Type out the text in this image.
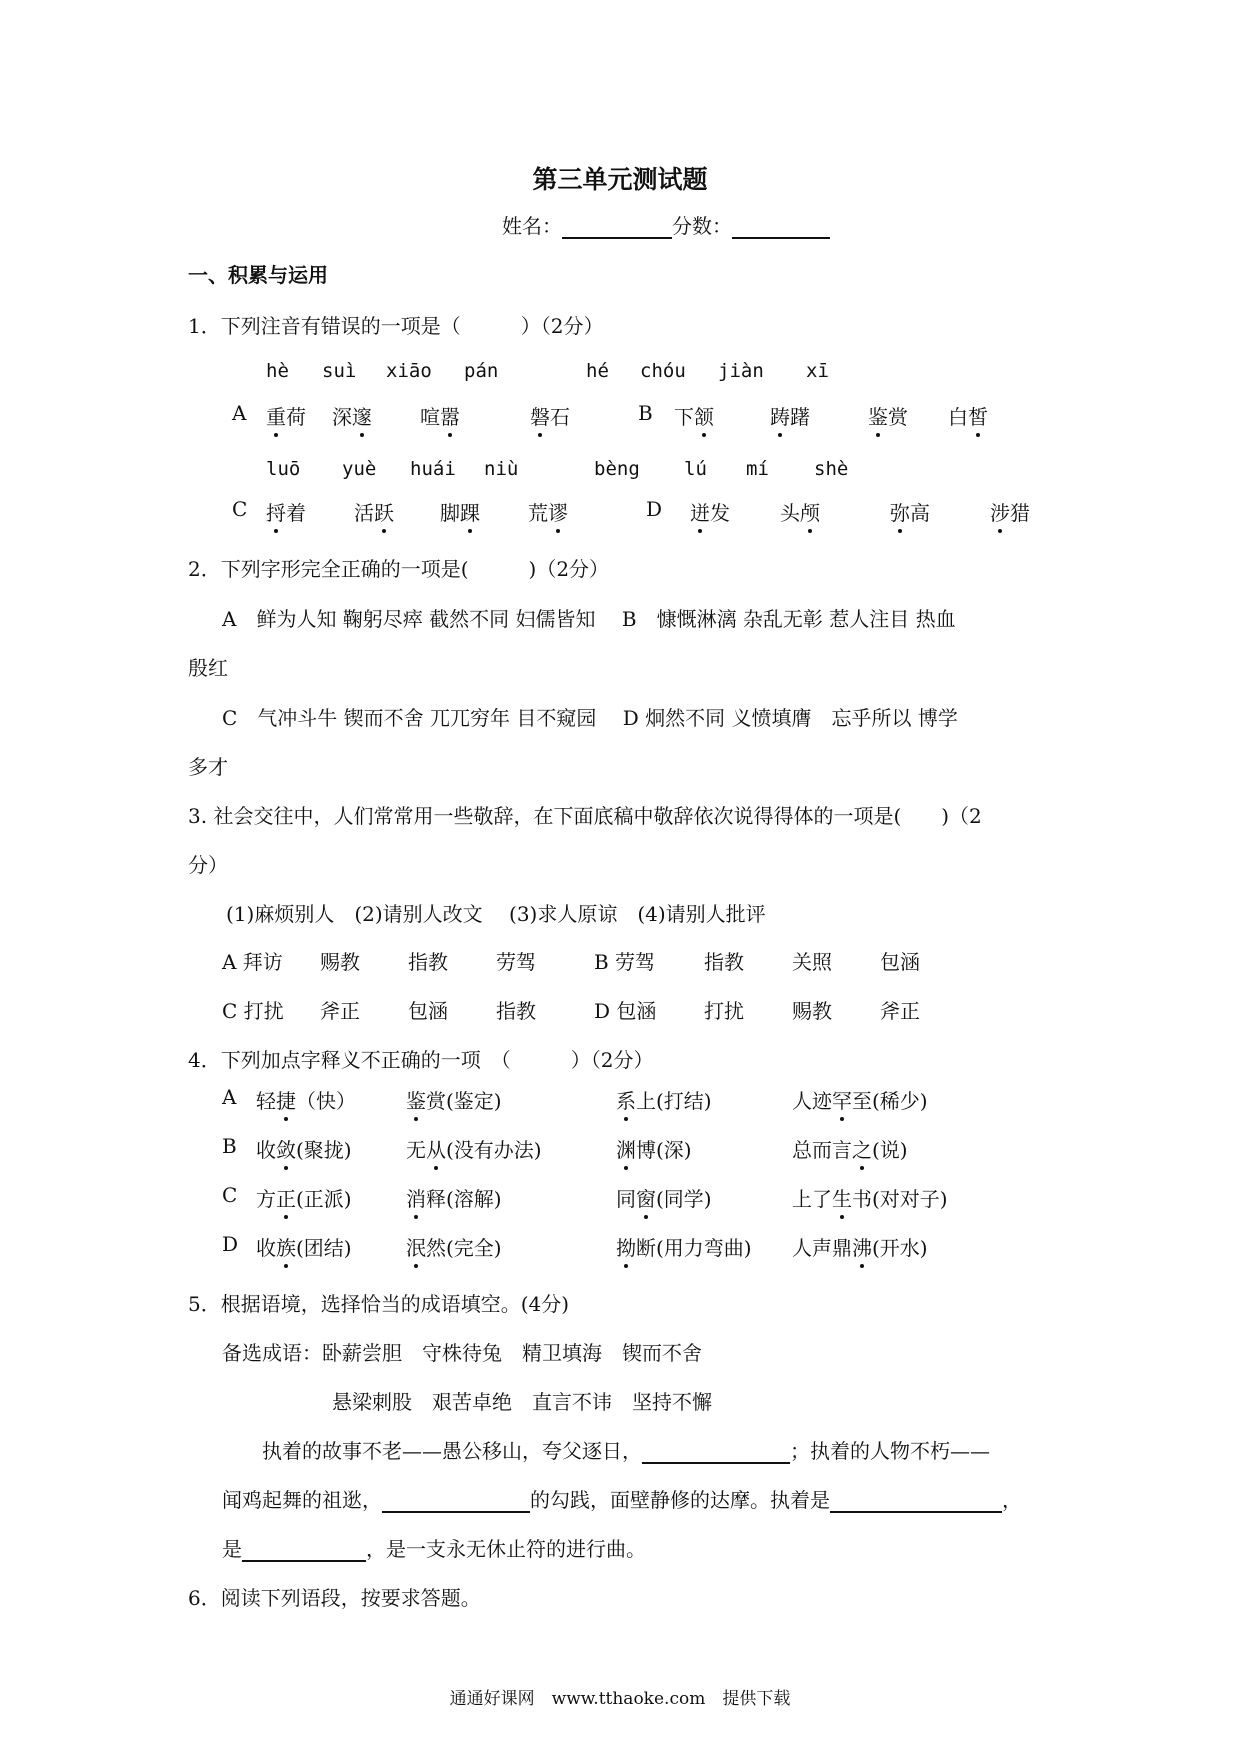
第三单元测试题
姓名：	分数：
一、积累与运用
1．下列注音有错误的一项是（　　　）（2分）
hè suì xiāo pán	hé chóu jiàn xī
A 重荷 深邃 喧嚣	磐石	B 下颔	踌躇	鉴赏 白皙
luō yuè huái niù	bèng lú mí shè
C 捋着 活跃 脚踝 荒谬	D 迸发	头颅	弥高	涉猎
2．下列字形完全正确的一项是(　　　)（2分）
A　鲜为人知 鞠躬尽瘁 截然不同 妇儒皆知　 B　慷慨淋漓 杂乱无彰 惹人注目 热血
殷红
C　气冲斗牛 锲而不舍 兀兀穷年 目不窥园　 D 炯然不同 义愤填膺　忘乎所以 博学
多才
3. 社会交往中，人们常常用一些敬辞，在下面底稿中敬辞依次说得得体的一项是(　　)（2
分）
(1)麻烦别人　(2)请别人改文　 (3)求人原谅　(4)请别人批评
A 拜访 赐教 指教 劳驾	B 劳驾 指教 关照 包涵
C 打扰 斧正 包涵 指教	D 包涵 打扰 赐教 斧正
4．下列加点字释义不正确的一项　（　　　）（2分）
A 轻捷（快）	鉴赏(鉴定)	系上(打结)	人迹罕至(稀少)
B 收敛(聚拢)	无从(没有办法)	渊博(深)	总而言之(说)
C 方正(正派)	消释(溶解)	同窗(同学)	上了生书(对对子)
D 收族(团结)	泯然(完全)	拗断(用力弯曲) 人声鼎沸(开水)
5．根据语境，选择恰当的成语填空。(4分)
备选成语：卧薪尝胆　守株待兔　精卫填海　锲而不舍
悬梁刺股　艰苦卓绝　直言不讳　坚持不懈
执着的故事不老——愚公移山，夸父逐日，	；执着的人物不朽——
闻鸡起舞的祖逖，	的勾践，面壁静修的达摩。执着是	，
是	，是一支永无休止符的进行曲。
6．阅读下列语段，按要求答题。
通通好课网　www.tthaoke.com　提供下载
